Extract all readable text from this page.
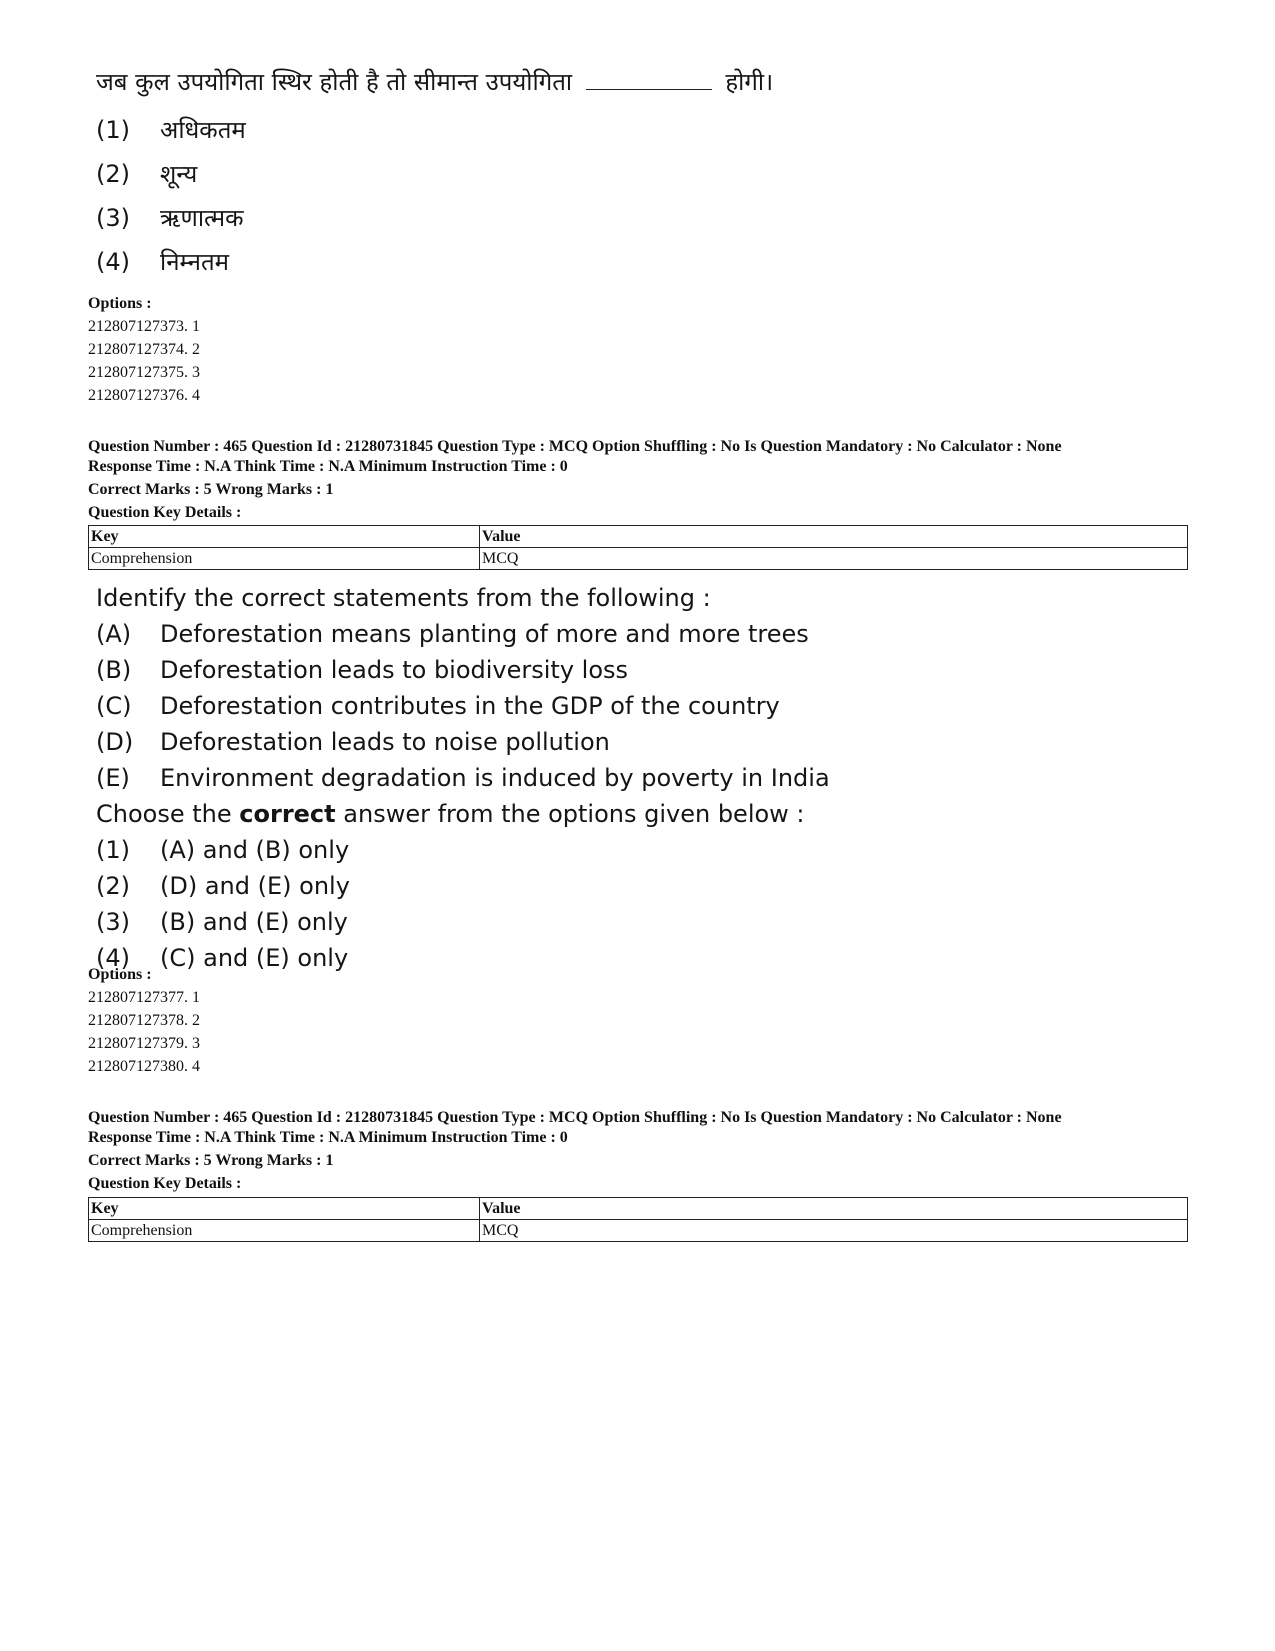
जब कुल उपयोगिता स्थिर होती है तो सीमान्त उपयोगिता	होगी।
(1)	अधिकतम
(2)	शून्य
(3)	ऋणात्मक
(4)	निम्नतम
Options :
212807127373. 1
212807127374. 2
212807127375. 3
212807127376. 4
Question Number : 465 Question Id : 21280731845 Question Type : MCQ Option Shuffling : No Is Question Mandatory : No Calculator : None
Response Time : N.A Think Time : N.A Minimum Instruction Time : 0
Correct Marks : 5 Wrong Marks : 1
Question Key Details :
Key	Value
Comprehension	MCQ
Identify the correct statements from the following :
(A)	Deforestation means planting of more and more trees
(B)	Deforestation leads to biodiversity loss
(C)	Deforestation contributes in the GDP of the country
(D)	Deforestation leads to noise pollution
(E)	Environment degradation is induced by poverty in India
Choose the correct answer from the options given below :
(1)	(A) and (B) only
(2)	(D) and (E) only
(3)	(B) and (E) only
(4)	(C) and (E) only
Options :
212807127377. 1
212807127378. 2
212807127379. 3
212807127380. 4
Question Number : 465 Question Id : 21280731845 Question Type : MCQ Option Shuffling : No Is Question Mandatory : No Calculator : None
Response Time : N.A Think Time : N.A Minimum Instruction Time : 0
Correct Marks : 5 Wrong Marks : 1
Question Key Details :
Key	Value
Comprehension	MCQ
